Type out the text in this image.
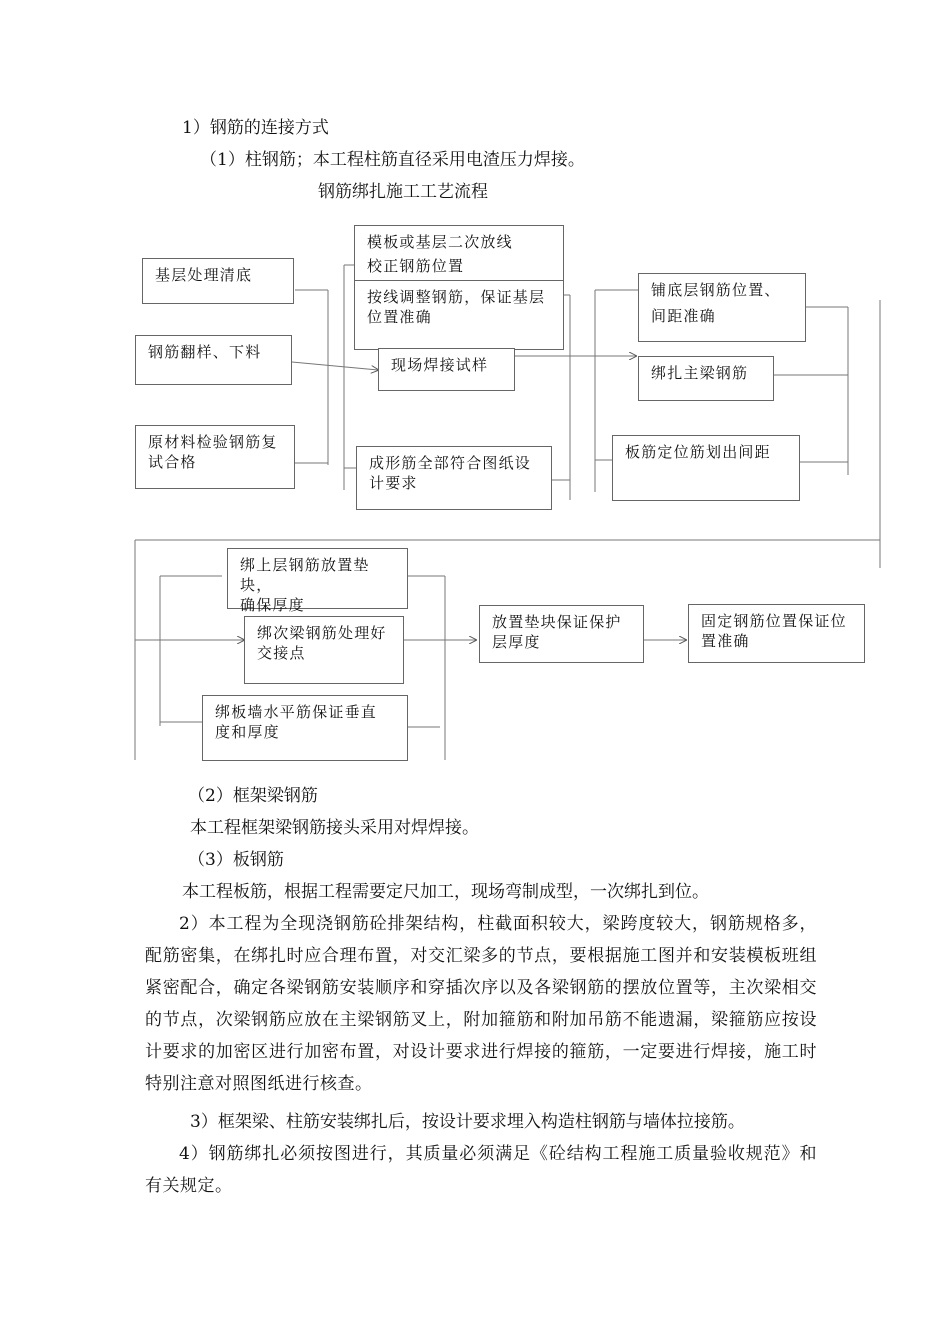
1）钢筋的连接方式
（1）柱钢筋；本工程柱筋直径采用电渣压力焊接。
钢筋绑扎施工工艺流程
基层处理清底
钢筋翻样、下料
原材料检验钢筋复
试合格
模板或基层二次放线
校正钢筋位置
按线调整钢筋，保证基层
位置准确
现场焊接试样
成形筋全部符合图纸设
计要求
铺底层钢筋位置、
间距准确
绑扎主梁钢筋
板筋定位筋划出间距
绑上层钢筋放置垫块，
确保厚度
绑次梁钢筋处理好
交接点
绑板墙水平筋保证垂直
度和厚度
放置垫块保证保护
层厚度
固定钢筋位置保证位
置准确
（2）框架梁钢筋
本工程框架梁钢筋接头采用对焊焊接。
（3）板钢筋
本工程板筋，根据工程需要定尺加工，现场弯制成型，一次绑扎到位。

2）本工程为全现浇钢筋砼排架结构，柱截面积较大，梁跨度较大，钢筋规格多，配筋密集，在绑扎时应合理布置，对交汇梁多的节点，要根据施工图并和安装模板班组紧密配合，确定各梁钢筋安装顺序和穿插次序以及各梁钢筋的摆放位置等，主次梁相交的节点，次梁钢筋应放在主梁钢筋叉上，附加箍筋和附加吊筋不能遗漏，梁箍筋应按设计要求的加密区进行加密布置，对设计要求进行焊接的箍筋，一定要进行焊接，施工时特别注意对照图纸进行核查。

3）框架梁、柱筋安装绑扎后，按设计要求埋入构造柱钢筋与墙体拉接筋。

4）钢筋绑扎必须按图进行，其质量必须满足《砼结构工程施工质量验收规范》和有关规定。
